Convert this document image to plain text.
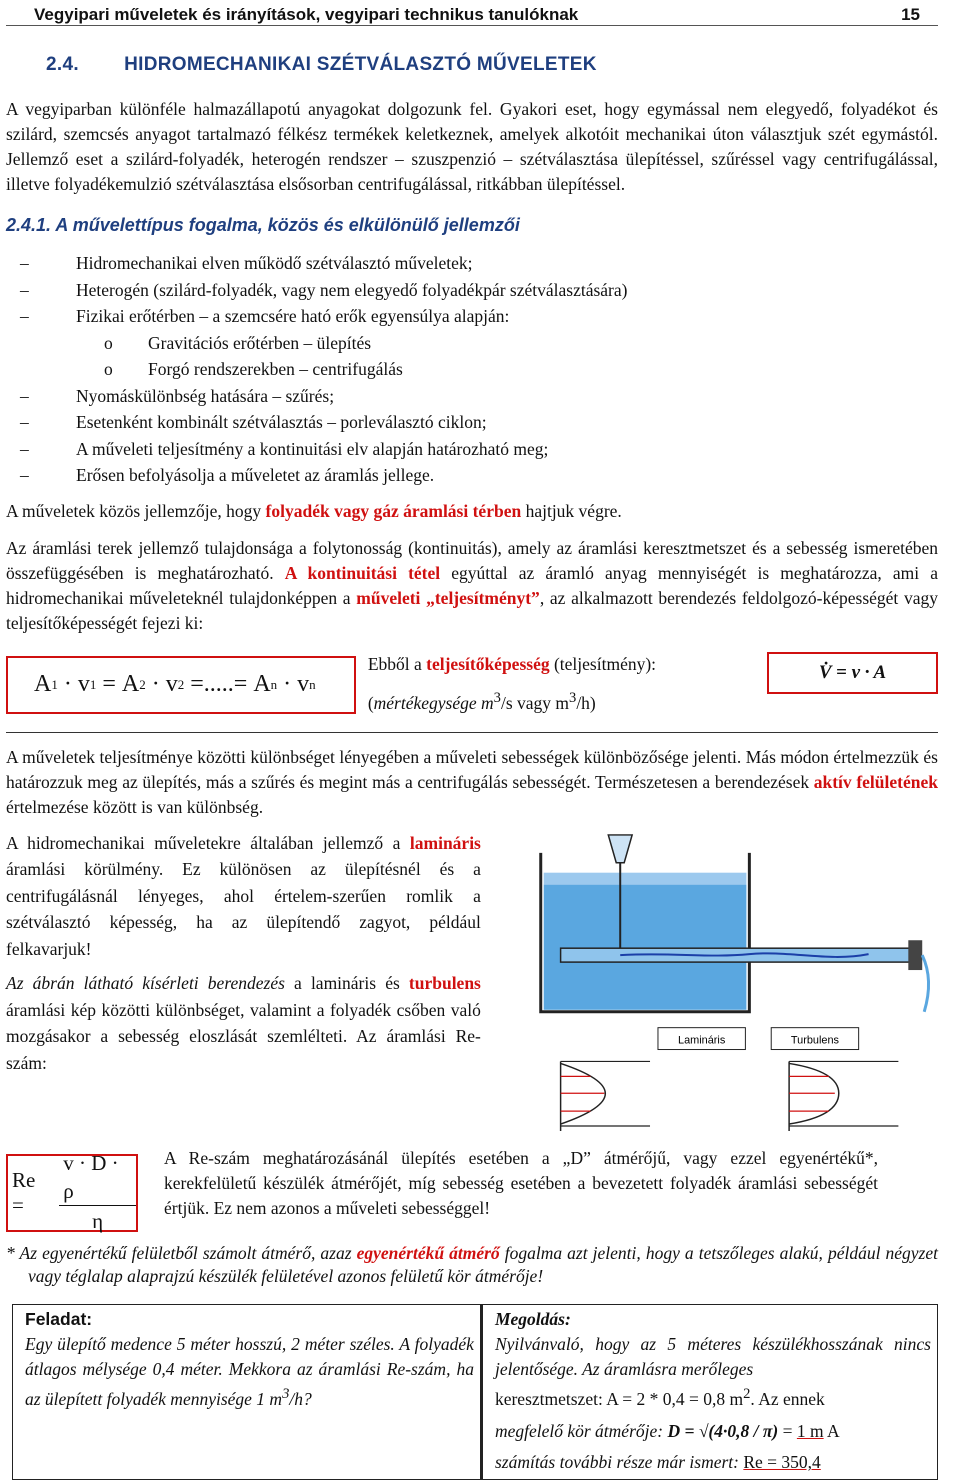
Vegyipari műveletek és irányítások, vegyipari technikus tanulóknak	15
2.4. HIDROMECHANIKAI SZÉTVÁLASZTÓ MŰVELETEK

A vegyiparban különféle halmazállapotú anyagokat dolgozunk fel. Gyakori eset, hogy egymással nem elegyedő, folyadékot és szilárd, szemcsés anyagot tartalmazó félkész termékek keletkeznek, amelyek alkotóit mechanikai úton választjuk szét egymástól. Jellemző eset a szilárd-folyadék, heterogén rendszer – szuszpenzió – szétválasztása ülepítéssel, szűréssel vagy centrifugálással, illetve folyadékemulzió szétválasztása elsősorban centrifugálással, ritkábban ülepítéssel.

2.4.1. A művelettípus fogalma, közös és elkülönülő jellemzői
– Hidromechanikai elven működő szétválasztó műveletek;
– Heterogén (szilárd-folyadék, vagy nem elegyedő folyadékpár szétválasztására)
– Fizikai erőtérben – a szemcsére ható erők egyensúlya alapján:
o Gravitációs erőtérben – ülepítés
o Forgó rendszerekben – centrifugálás
– Nyomáskülönbség hatására – szűrés;
– Esetenként kombinált szétválasztás – porleválasztó ciklon;
– A műveleti teljesítmény a kontinuitási elv alapján határozható meg;
– Erősen befolyásolja a műveletet az áramlás jellege.

A műveletek közös jellemzője, hogy folyadék vagy gáz áramlási térben hajtjuk végre.

Az áramlási terek jellemző tulajdonsága a folytonosság (kontinuitás), amely az áramlási keresztmetszet és a sebesség ismeretében összefüggésében is meghatározható. A kontinuitási tétel egyúttal az áramló anyag mennyiségét is meghatározza, ami a hidromechanikai műveleteknél tulajdonképpen a műveleti „teljesítményt”, az alkalmazott berendezés feldolgozó-képességét vagy teljesítőképességét fejezi ki:

A 1 · v 1 = A 2 · v 2 = ..... = A n · v n
Ebből a teljesítőképesség (teljesítmény):
(mértékegysége $m^3/s$ vagy $m^3/h$)
V̇ = v · A

A műveletek teljesítménye közötti különbséget lényegében a műveleti sebességek különbözősége jelenti. Más módon értelmezzük és határozzuk meg az ülepítés, más a szűrés és megint más a centrifugálás sebességét. Természetesen a berendezések aktív felületének értelmezése között is van különbség.

A hidromechanikai műveletekre általában jellemző a lamináris áramlási körülmény. Ez különösen az ülepítésnél és a centrifugálásnál lényeges, ahol értelem-szerűen romlik a szétválasztó képesség, ha az ülepítendő zagyot, például felkavarjuk!

Az ábrán látható kísérleti berendezés a lamináris és turbulens áramlási kép közötti különbséget, valamint a folyadék csőben való mozgásakor a sebesség eloszlását szemlélteti. Az áramlási Re-szám:

Lamináris	Turbulens
Re =	$\frac{v \cdot D \cdot \rho}{\eta}$ A Re-szám meghatározásánál ülepítés esetében a „D” átmérőjű, vagy ezzel egyenértékű*, kerekfelületű készülék átmérőjét, míg sebesség esetében a bevezetett folyadék áramlási sebességét értjük. Ez nem azonos a műveleti sebességgel!

* Az egyenértékű felületből számolt átmérő, azaz egyenértékű átmérő fogalma azt jelenti, hogy a tetszőleges alakú, például négyzet vagy téglalap alaprajzú készülék felületével azonos felületű kör átmérője!

Feladat:
Egy ülepítő medence 5 méter hosszú, 2 méter széles. A folyadék átlagos mélysége 0,4 méter. Mekkora az áramlási Re-szám, ha az ülepített folyadék mennyisége 1 $m^3/h$?
Megoldás:
Nyilvánvaló, hogy az 5 méteres készülékhosszának nincs jelentősége. Az áramlásra merőleges
keresztmetszet: A = 2 * 0,4 = 0,8 $m^2$. Az ennek
megfelelő kör átmérője: D = √(4·0,8 / π) = 1 m A
számítás további része már ismert: Re = 350,4
